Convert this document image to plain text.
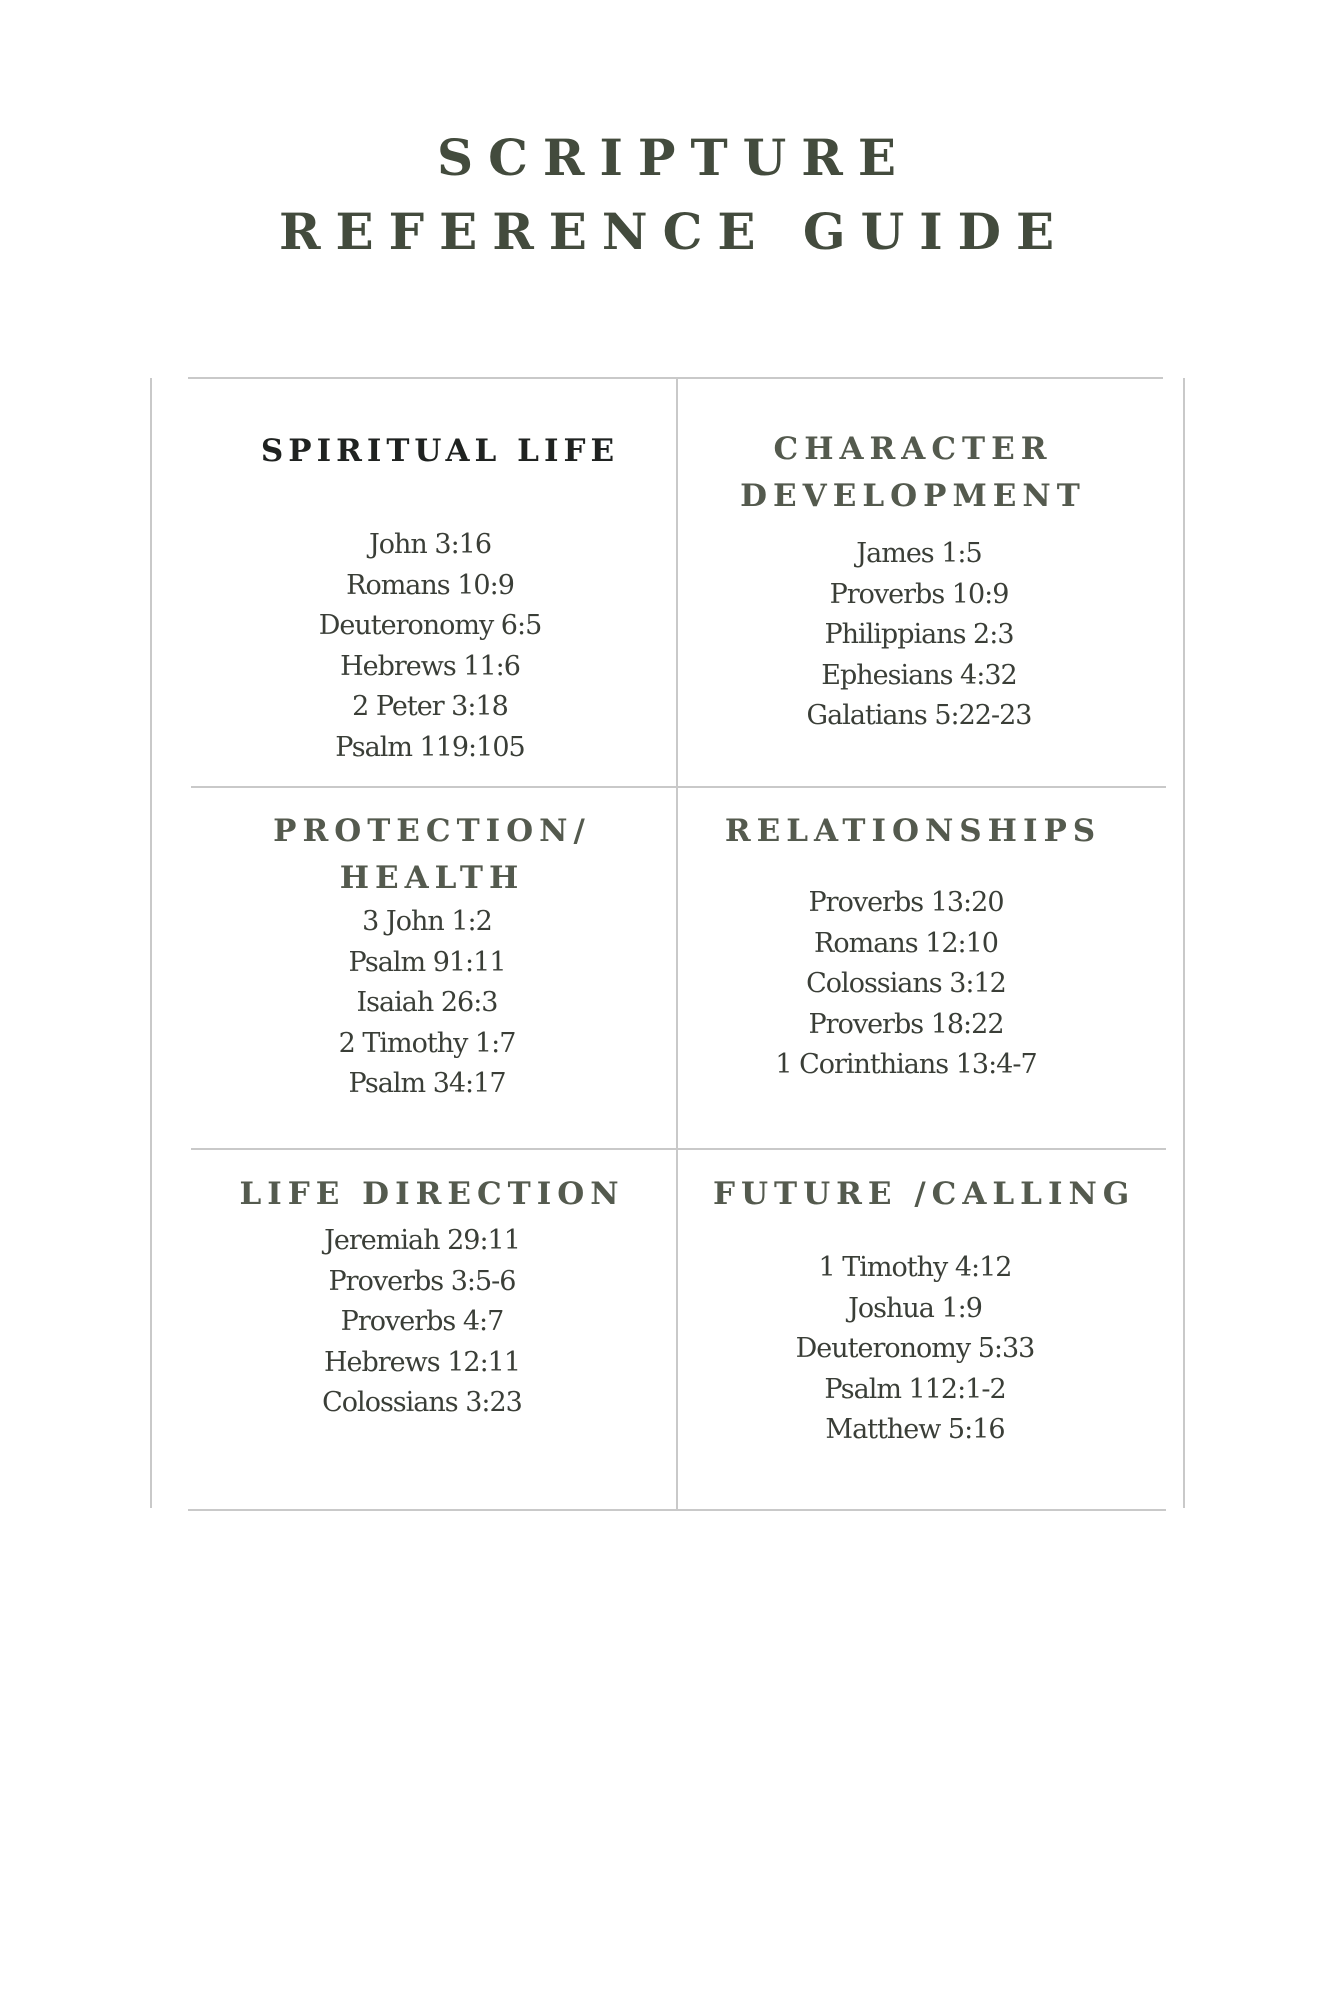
SCRIPTURE
REFERENCE GUIDE
SPIRITUAL LIFE
John 3:16
Romans 10:9
Deuteronomy 6:5
Hebrews 11:6
2 Peter 3:18
Psalm 119:105
CHARACTER
DEVELOPMENT
James 1:5
Proverbs 10:9
Philippians 2:3
Ephesians 4:32
Galatians 5:22-23
PROTECTION/
HEALTH
3 John 1:2
Psalm 91:11
Isaiah 26:3
2 Timothy 1:7
Psalm 34:17
RELATIONSHIPS
Proverbs 13:20
Romans 12:10
Colossians 3:12
Proverbs 18:22
1 Corinthians 13:4-7
LIFE DIRECTION
Jeremiah 29:11
Proverbs 3:5-6
Proverbs 4:7
Hebrews 12:11
Colossians 3:23
FUTURE /CALLING
1 Timothy 4:12
Joshua 1:9
Deuteronomy 5:33
Psalm 112:1-2
Matthew 5:16
